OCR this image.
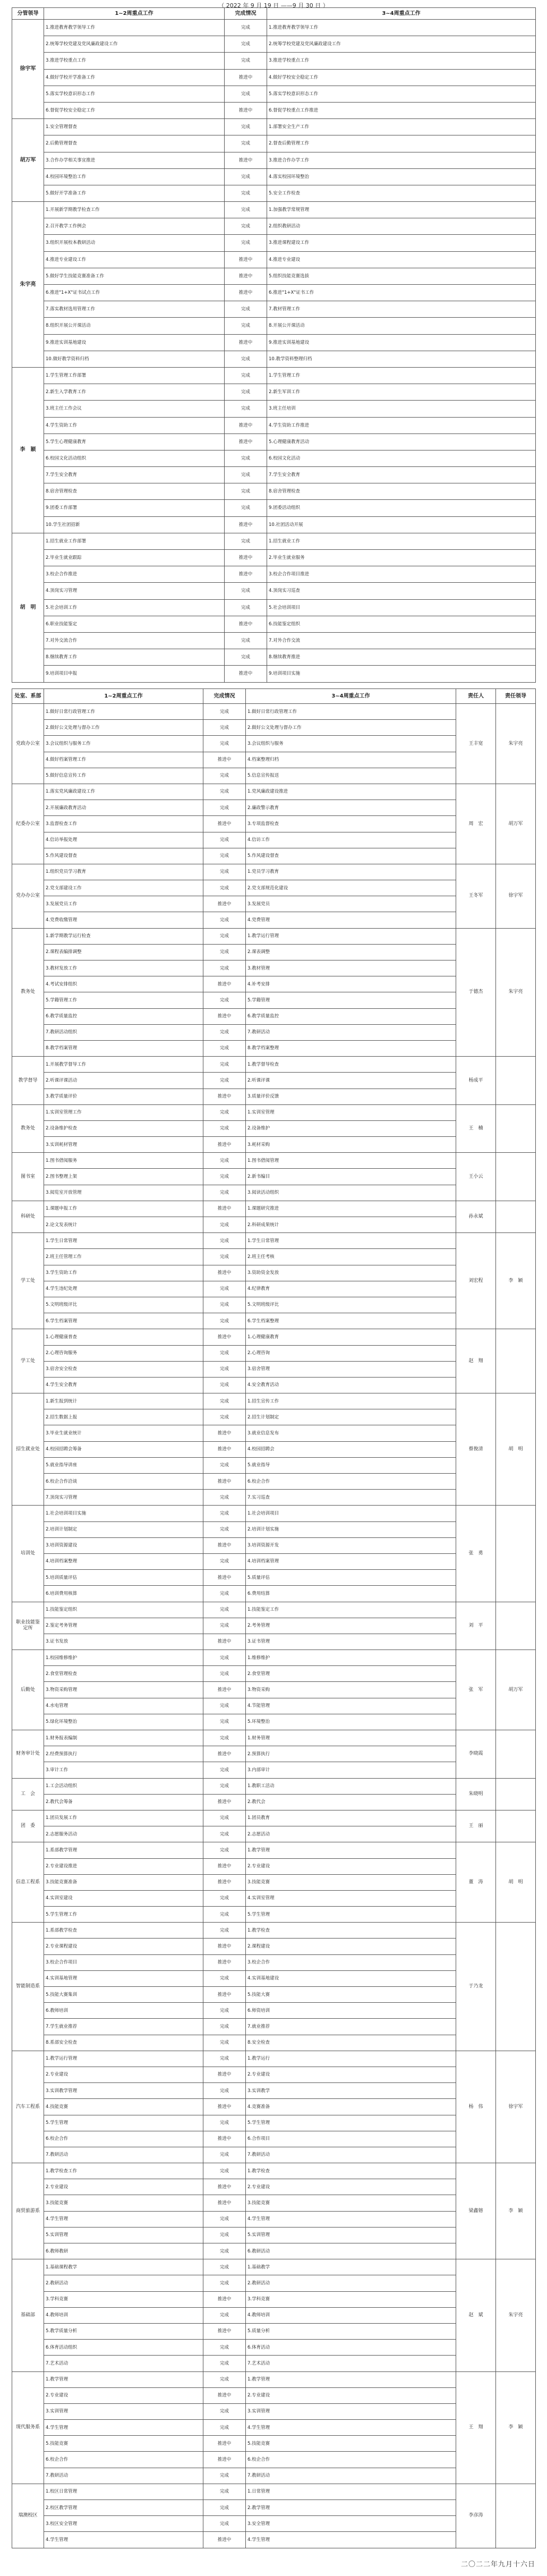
（ 2022 年 9 月 19 日 ——9 月 30 日 ）
分管领导	1~2周重点工作	完成情况	3~4周重点工作
徐宇军	1.推进教育教学领导工作	完成	1.推进教育教学领导工作
	2.统筹学校党建及党风廉政建设工作	完成	2.统筹学校党建及党风廉政建设工作
	3.推进学校重点工作	完成	3.推进学校重点工作
	4.做好学校开学准备工作	推进中	4.做好学校安全稳定工作
	5.落实学校意识形态工作	完成	5.落实学校意识形态工作
	6.督促学校安全稳定工作	推进中	6.督促学校重点工作推进
胡万军	1.安全管理督查	完成	1.部署安全生产工作
	2.后勤管理督查	完成	2.督查后勤管理工作
	3.合作办学相关事宜推进	推进中	3.推进合作办学工作
	4.校园环境整治工作	完成	4.落实校园环境整治
	5.做好开学准备工作	完成	5.安全工作检查
朱宇亮	1.开展新学期教学检查工作	完成	1.加强教学常规管理
	2.召开教学工作例会	完成	2.组织教研活动
	3.组织开展校本教研活动	完成	3.推进课程建设工作
	4.推进专业建设工作	推进中	4.推进专业建设
	5.做好学生技能竞赛准备工作	推进中	5.组织技能竞赛选拔
	6.推进"1+X"证书试点工作	推进中	6.推进"1+X"证书工作
	7.落实教材选用管理工作	完成	7.教材管理工作
	8.组织开展公开课活动	完成	8.开展公开课活动
	9.推进实训基地建设	推进中	9.推进实训基地建设
	10.做好教学资料归档	完成	10.教学资料整理归档
李　颖	1.学生管理工作部署	完成	1.学生管理工作
	2.新生入学教育工作	完成	2.新生军训工作
	3.班主任工作会议	完成	3.班主任培训
	4.学生资助工作	推进中	4.学生资助工作推进
	5.学生心理健康教育	推进中	5.心理健康教育活动
	6.校园文化活动组织	完成	6.校园文化活动
	7.学生安全教育	完成	7.学生安全教育
	8.宿舍管理检查	完成	8.宿舍管理检查
	9.团委工作部署	完成	9.团委活动组织
	10.学生社团招新	推进中	10.社团活动开展
胡　明	1.招生就业工作部署	完成	1.招生就业工作
	2.毕业生就业跟踪	推进中	2.毕业生就业服务
	3.校企合作推进	推进中	3.校企合作项目推进
	4.顶岗实习管理	完成	4.顶岗实习巡查
	5.社会培训工作	完成	5.社会培训项目
	6.职业技能鉴定	推进中	6.技能鉴定组织
	7.对外交流合作	完成	7.对外合作交流
	8.继续教育工作	完成	8.继续教育推进
	9.培训项目申报	推进中	9.培训项目实施
处室、系部	1~2周重点工作	完成情况	3~4周重点工作	责任人	责任领导
党政办公室	1.做好日常行政管理工作	完成	1.做好日常行政管理工作	王丰宽	朱宇亮
	2.做好公文处理与督办工作	完成	2.做好公文处理与督办工作		
	3.会议组织与服务工作	完成	3.会议组织与服务		
	4.做好档案管理工作	推进中	4.档案整理归档		
	5.做好信息宣传工作	完成	5.信息宣传报送		
纪委办公室	1.落实党风廉政建设工作	完成	1.党风廉政建设推进	周　宏	胡万军
	2.开展廉政教育活动	完成	2.廉政警示教育		
	3.监督检查工作	推进中	3.专项监督检查		
	4.信访举报处理	完成	4.信访工作		
	5.作风建设督查	完成	5.作风建设督查		
党办办公室	1.组织党员学习教育	完成	1.党员学习教育	王冬军	徐宇军
	2.党支部建设工作	完成	2.党支部规范化建设		
	3.发展党员工作	推进中	3.发展党员		
	4.党费收缴管理	完成	4.党费管理		
教务处	1.新学期教学运行检查	完成	1.教学运行管理	于德杰	朱宇亮
	2.课程表编排调整	完成	2.课表调整		
	3.教材发放工作	完成	3.教材管理		
	4.考试安排组织	推进中	4.补考安排		
	5.学籍管理工作	完成	5.学籍管理		
	6.教学质量监控	推进中	6.教学质量监控		
	7.教研活动组织	完成	7.教研活动		
	8.教学档案管理	完成	8.教学档案整理		
教学督导	1.开展教学督导工作	完成	1.教学督导检查	杨成平	
	2.听课评课活动	完成	2.听课评课		
	3.教学质量评价	推进中	3.质量评价反馈		
教务处	1.实训室管理工作	完成	1.实训室管理	王　楠	
	2.设备维护检查	完成	2.设备维护		
	3.实训耗材管理	推进中	3.耗材采购		
图书室	1.图书借阅服务	完成	1.图书借阅管理	王小云	
	2.图书整理上架	完成	2.新书编目		
	3.阅览室开放管理	完成	3.阅读活动组织		
科研处	1.课题申报工作	推进中	1.课题研究推进	孙永斌	
	2.论文发表统计	完成	2.科研成果统计		
学工处	1.学生日常管理	完成	1.学生日常管理	刘宏程	李　颖
	2.班主任管理工作	完成	2.班主任考核		
	3.学生资助工作	推进中	3.资助资金发放		
	4.学生违纪处理	完成	4.纪律教育		
	5.文明班级评比	完成	5.文明班级评比		
	6.学生档案管理	完成	6.学生档案整理		
学工处	1.心理健康普查	推进中	1.心理健康教育	赵　翔	
	2.心理咨询服务	完成	2.心理咨询		
	3.宿舍安全检查	完成	3.宿舍管理		
	4.学生安全教育	完成	4.安全教育活动		
招生就业处	1.新生报到统计	完成	1.招生宣传工作	蔡俊清	胡　明
	2.招生数据上报	完成	2.招生计划制定		
	3.毕业生就业统计	推进中	3.就业信息发布		
	4.校园招聘会筹备	推进中	4.校园招聘会		
	5.就业指导讲座	完成	5.就业指导		
	6.校企合作洽谈	推进中	6.校企合作		
	7.顶岗实习管理	完成	7.实习巡查		
培训处	1.社会培训项目实施	完成	1.社会培训项目	张　勇	
	2.培训计划制定	完成	2.培训计划实施		
	3.培训资源建设	推进中	3.培训资源开发		
	4.培训档案整理	完成	4.培训档案管理		
	5.培训质量评估	推进中	5.质量评估		
	6.培训费用核算	完成	6.费用结算		
职业技能鉴定所	1.技能鉴定组织	完成	1.技能鉴定工作	刘　平	
	2.鉴定考务管理	完成	2.考务管理		
	3.证书发放	推进中	3.证书管理		
后勤处	1.校园维修维护	完成	1.维修维护	张　军	胡万军
	2.食堂管理检查	完成	2.食堂管理		
	3.物资采购管理	推进中	3.物资采购		
	4.水电管理	完成	4.节能管理		
	5.绿化环境整治	完成	5.环境整治		
财务审计处	1.财务报表编制	完成	1.财务管理	李晓霞	
	2.经费预算执行	推进中	2.预算执行		
	3.审计工作	完成	3.内部审计		
工　会	1.工会活动组织	完成	1.教职工活动	朱晓明	
	2.教代会筹备	推进中	2.教代会		
团　委	1.团员发展工作	完成	1.团员教育	王　丽	
	2.志愿服务活动	完成	2.志愿活动		
信息工程系	1.系部教学管理	完成	1.教学管理	董　涛	胡　明
	2.专业建设推进	推进中	2.专业建设		
	3.技能竞赛准备	推进中	3.技能竞赛		
	4.实训室建设	完成	4.实训室管理		
	5.学生管理工作	完成	5.学生管理		
智能制造系	1.系部教学检查	完成	1.教学检查	于乃龙	
	2.专业课程建设	推进中	2.课程建设		
	3.校企合作项目	推进中	3.校企合作		
	4.实训基地管理	完成	4.实训基地建设		
	5.技能大赛集训	推进中	5.技能大赛		
	6.教师培训	完成	6.师资培训		
	7.学生就业推荐	完成	7.就业推荐		
	8.系部安全检查	完成	8.安全检查		
汽车工程系	1.教学运行管理	完成	1.教学运行	杨　伟	徐宇军
	2.专业建设	推进中	2.专业建设		
	3.实训教学管理	完成	3.实训教学		
	4.技能竞赛	推进中	4.竞赛准备		
	5.学生管理	完成	5.学生管理		
	6.校企合作	推进中	6.合作项目		
	7.教研活动	完成	7.教研活动		
商贸旅游系	1.教学检查工作	完成	1.教学检查	梁鑫镕	李　颖
	2.专业建设	推进中	2.专业建设		
	3.技能竞赛	推进中	3.技能竞赛		
	4.学生管理	完成	4.学生管理		
	5.实训管理	完成	5.实训管理		
	6.教师教研	完成	6.教研活动		
基础部	1.基础课程教学	完成	1.基础教学	赵　斌	朱宇亮
	2.教研活动	完成	2.教研活动		
	3.学科竞赛	推进中	3.学科竞赛		
	4.教师培训	完成	4.教师培训		
	5.教学质量分析	推进中	5.质量分析		
	6.体育活动组织	完成	6.体育活动		
	7.艺术活动	完成	7.艺术活动		
现代服务系	1.教学管理	完成	1.教学管理	王　翔	李　颖
	2.专业建设	推进中	2.专业建设		
	3.实训管理	完成	3.实训管理		
	4.学生管理	完成	4.学生管理		
	5.技能竞赛	推进中	5.技能竞赛		
	6.校企合作	推进中	6.校企合作		
	7.教研活动	完成	7.教研活动		
瑞澳校区	1.校区日常管理	完成	1.日常管理	李彦涛	
	2.校区教学管理	完成	2.教学管理		
	3.校区安全管理	完成	3.安全管理		
	4.学生管理	推进中	4.学生管理		
二〇二二年九月十六日
